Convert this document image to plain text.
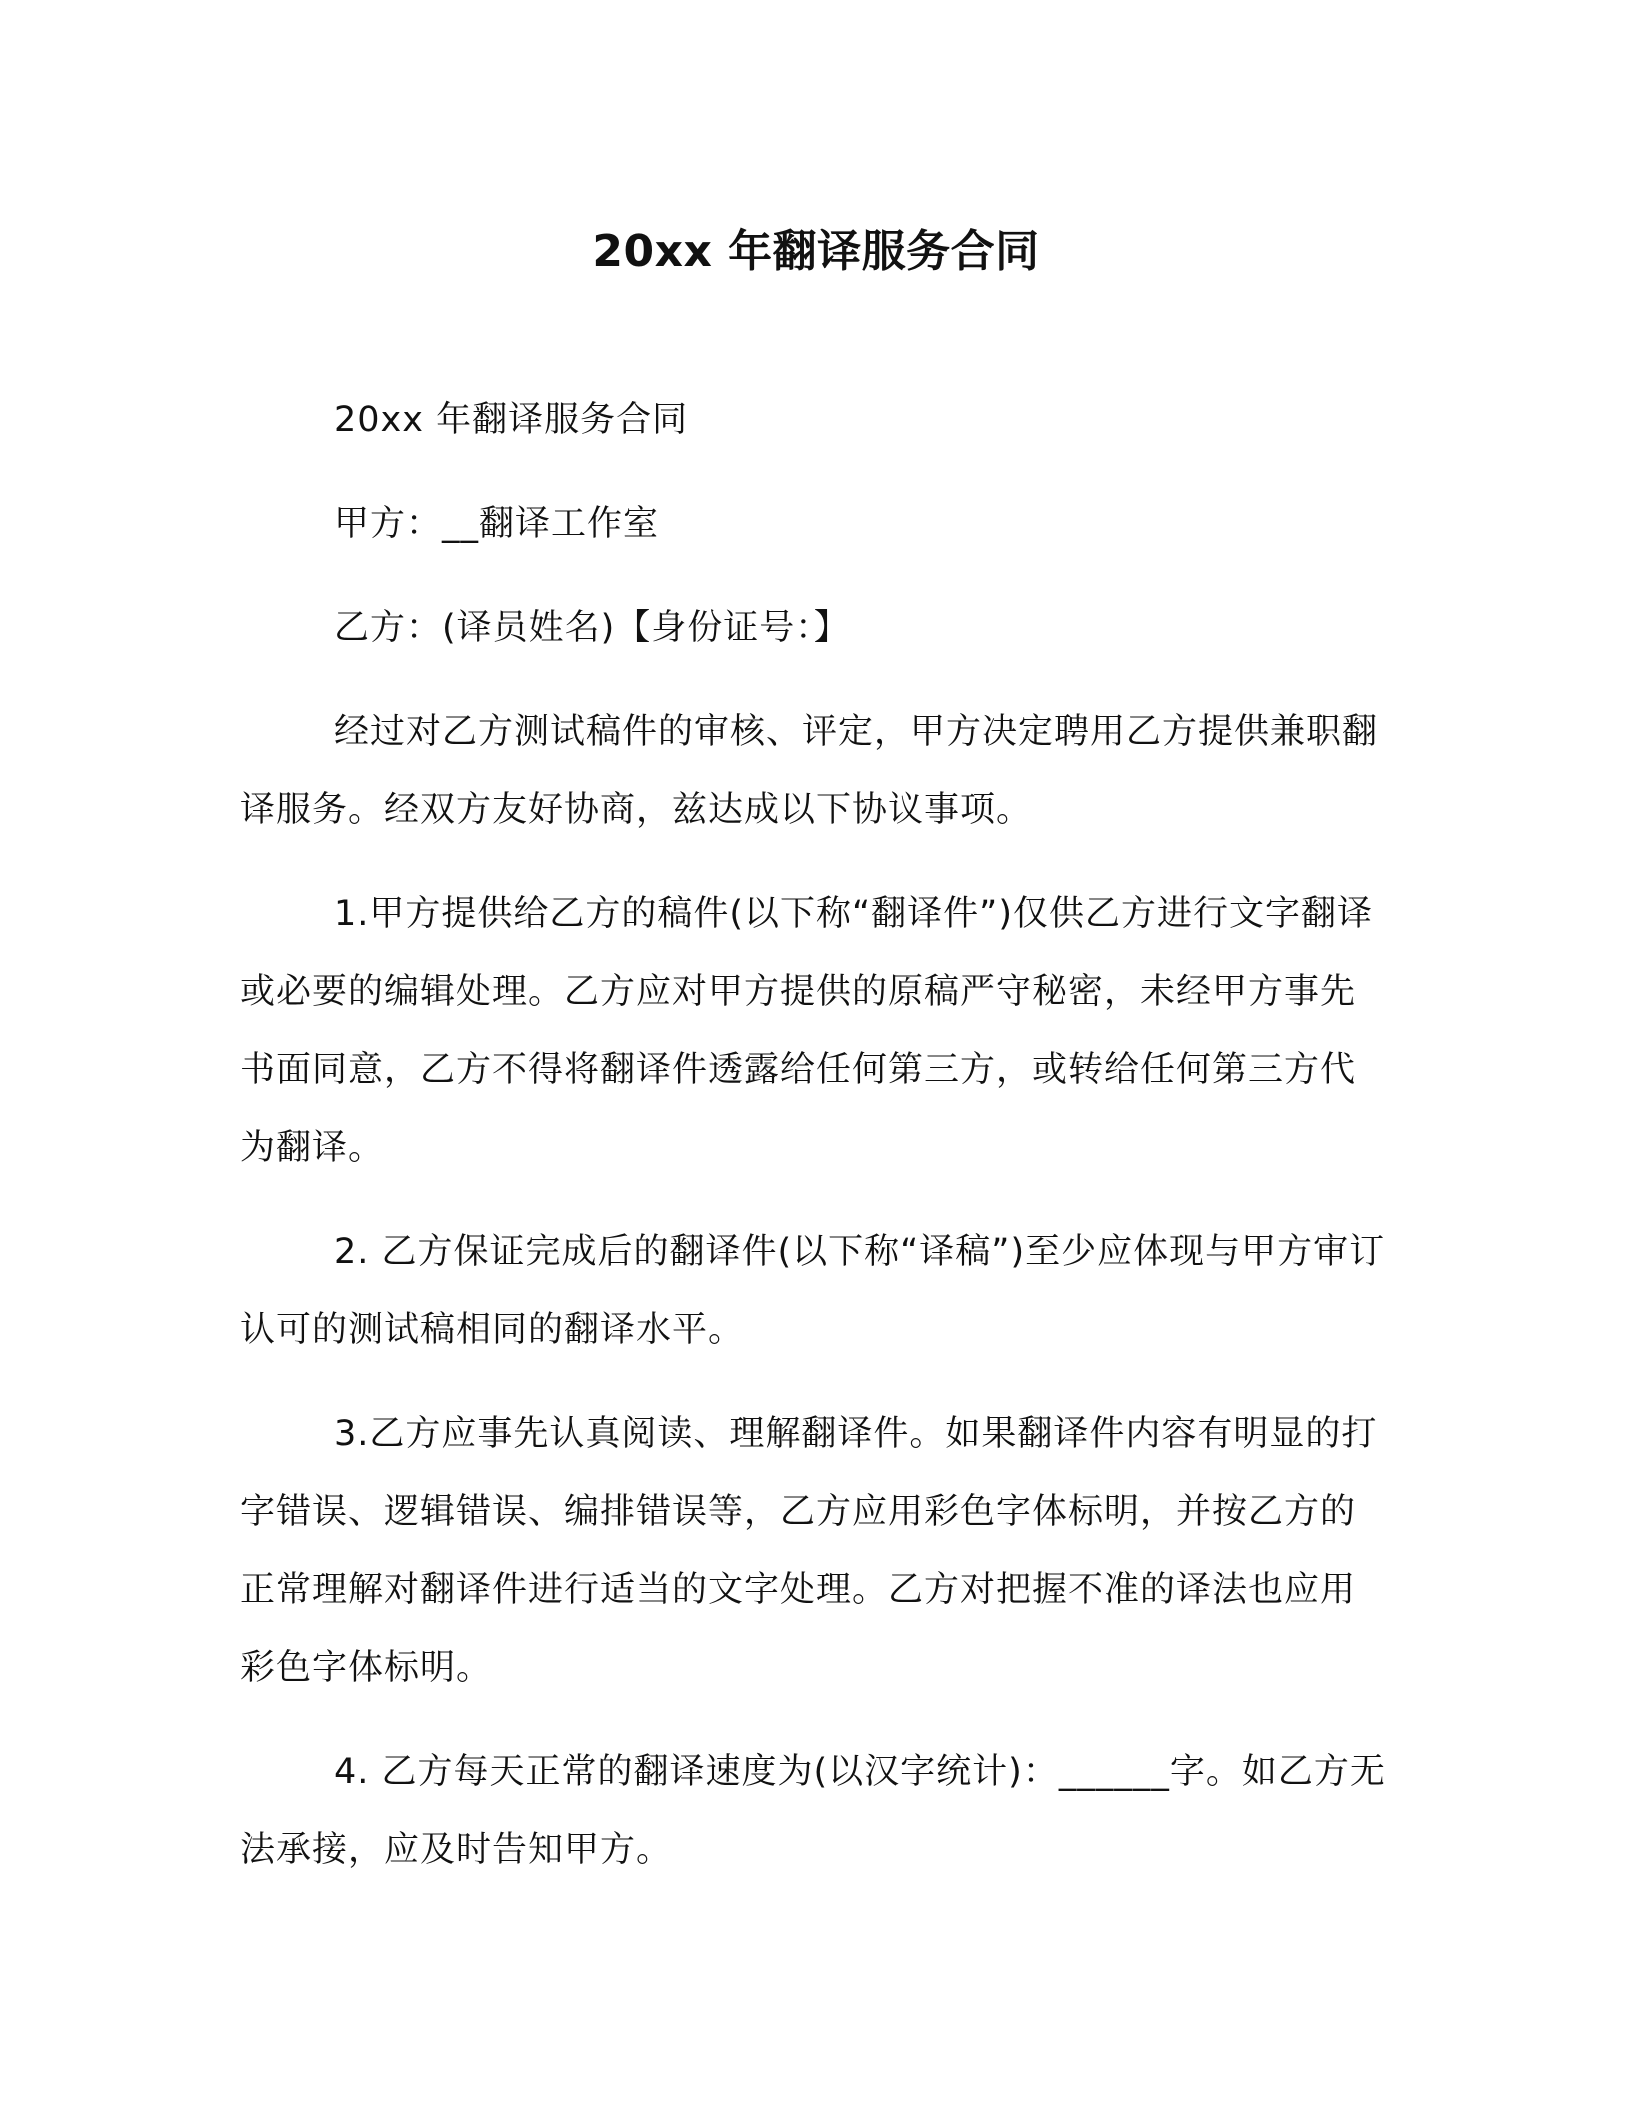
20xx 年翻译服务合同

20xx 年翻译服务合同

甲方：__翻译工作室

乙方：(译员姓名)【身份证号：】

经过对乙方测试稿件的审核、评定，甲方决定聘用乙方提供兼职翻译服务。经双方友好协商，兹达成以下协议事项。

1.甲方提供给乙方的稿件(以下称“翻译件”)仅供乙方进行文字翻译或必要的编辑处理。乙方应对甲方提供的原稿严守秘密，未经甲方事先书面同意，乙方不得将翻译件透露给任何第三方，或转给任何第三方代为翻译。

2. 乙方保证完成后的翻译件(以下称“译稿”)至少应体现与甲方审订认可的测试稿相同的翻译水平。

3.乙方应事先认真阅读、理解翻译件。如果翻译件内容有明显的打字错误、逻辑错误、编排错误等，乙方应用彩色字体标明，并按乙方的正常理解对翻译件进行适当的文字处理。乙方对把握不准的译法也应用彩色字体标明。

4. 乙方每天正常的翻译速度为(以汉字统计)：______字。如乙方无法承接，应及时告知甲方。
